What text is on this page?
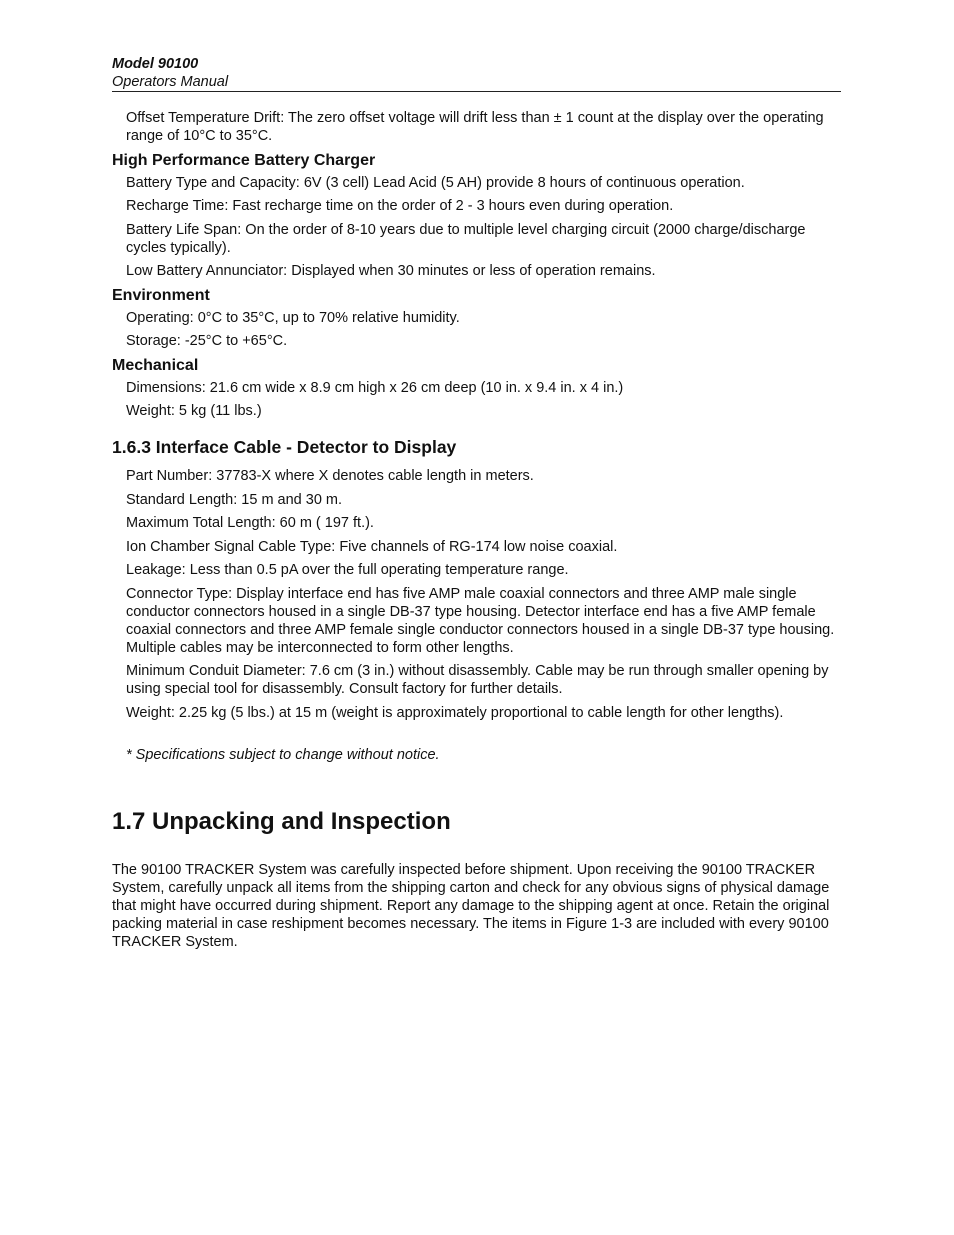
Model 90100
Operators Manual
Offset Temperature Drift: The zero offset voltage will drift less than ± 1 count at the display over the operating range of 10°C to 35°C.
High Performance Battery Charger
Battery Type and Capacity: 6V (3 cell) Lead Acid (5 AH) provide 8 hours of continuous operation.
Recharge Time: Fast recharge time on the order of 2 - 3 hours even during operation.
Battery Life Span: On the order of 8-10 years due to multiple level charging circuit (2000 charge/discharge cycles typically).
Low Battery Annunciator: Displayed when 30 minutes or less of operation remains.
Environment
Operating: 0°C to 35°C, up to 70% relative humidity.
Storage: -25°C to +65°C.
Mechanical
Dimensions: 21.6 cm wide x 8.9 cm high x 26 cm deep (10 in. x 9.4 in. x 4 in.)
Weight: 5 kg (11 lbs.)
1.6.3 Interface Cable - Detector to Display
Part Number: 37783-X where X denotes cable length in meters.
Standard Length: 15 m and 30 m.
Maximum Total Length: 60 m ( 197 ft.).
Ion Chamber Signal Cable Type: Five channels of RG-174 low noise coaxial.
Leakage: Less than 0.5 pA over the full operating temperature range.
Connector Type: Display interface end has five AMP male coaxial connectors and three AMP male single conductor connectors housed in a single DB-37 type housing. Detector interface end has a five AMP female coaxial connectors and three AMP female single conductor connectors housed in a single DB-37 type housing. Multiple cables may be interconnected to form other lengths.
Minimum Conduit Diameter: 7.6 cm (3 in.) without disassembly. Cable may be run through smaller opening by using special tool for disassembly. Consult factory for further details.
Weight: 2.25 kg (5 lbs.) at 15 m (weight is approximately proportional to cable length for other lengths).
* Specifications subject to change without notice.
1.7 Unpacking and Inspection
The 90100 TRACKER System was carefully inspected before shipment. Upon receiving the 90100 TRACKER System, carefully unpack all items from the shipping carton and check for any obvious signs of physical damage that might have occurred during shipment. Report any damage to the shipping agent at once. Retain the original packing material in case reshipment becomes necessary. The items in Figure 1-3 are included with every 90100 TRACKER System.
